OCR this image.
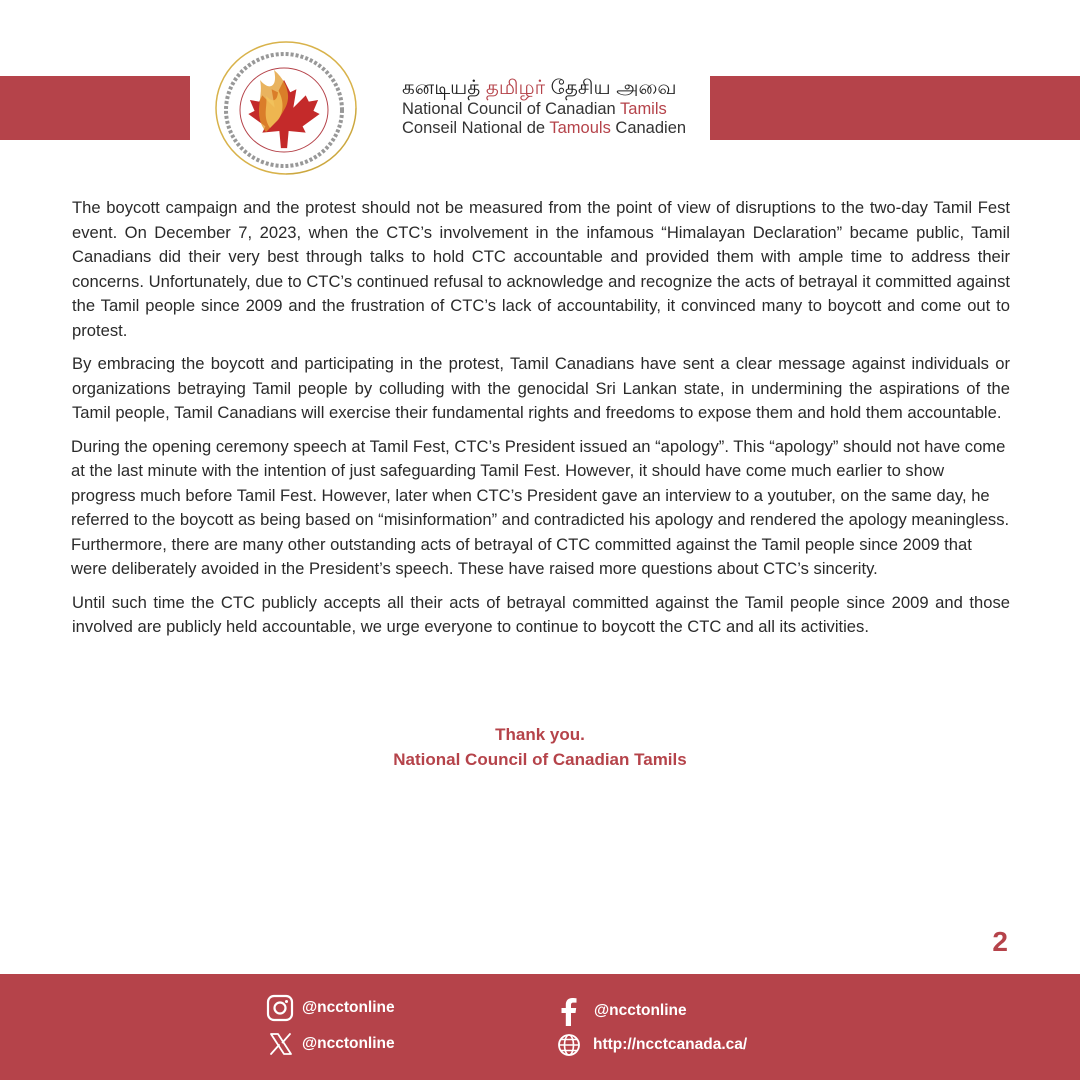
கனடியத் தமிழர் தேசிய அவை
National Council of Canadian Tamils
Conseil National de Tamouls Canadien

The boycott campaign and the protest should not be measured from the point of view of disruptions to the two-day Tamil Fest event. On December 7, 2023, when the CTC’s involvement in the infamous “Himalayan Declaration” became public, Tamil Canadians did their very best through talks to hold CTC accountable and provided them with ample time to address their concerns. Unfortunately, due to CTC’s continued refusal to acknowledge and recognize the acts of betrayal it committed against the Tamil people since 2009 and the frustration of CTC’s lack of accountability, it convinced many to boycott and come out to protest.

By embracing the boycott and participating in the protest, Tamil Canadians have sent a clear message against individuals or organizations betraying Tamil people by colluding with the genocidal Sri Lankan state, in undermining the aspirations of the Tamil people, Tamil Canadians will exercise their fundamental rights and freedoms to expose them and hold them accountable.

During the opening ceremony speech at Tamil Fest, CTC’s President issued an “apology”. This “apology” should not have come at the last minute with the intention of just safeguarding Tamil Fest. However, it should have come much earlier to show progress much before Tamil Fest. However, later when CTC’s President gave an interview to a youtuber, on the same day, he referred to the boycott as being based on “misinformation” and contradicted his apology and rendered the apology meaningless. Furthermore, there are many other outstanding acts of betrayal of CTC committed against the Tamil people since 2009 that were deliberately avoided in the President’s speech. These have raised more questions about CTC’s sincerity.

Until such time the CTC publicly accepts all their acts of betrayal committed against the Tamil people since 2009 and those involved are publicly held accountable, we urge everyone to continue to boycott the CTC and all its activities.

Thank you.
National Council of Canadian Tamils
2
@ncctonline
@ncctonline
@ncctonline
http://ncctcanada.ca/
